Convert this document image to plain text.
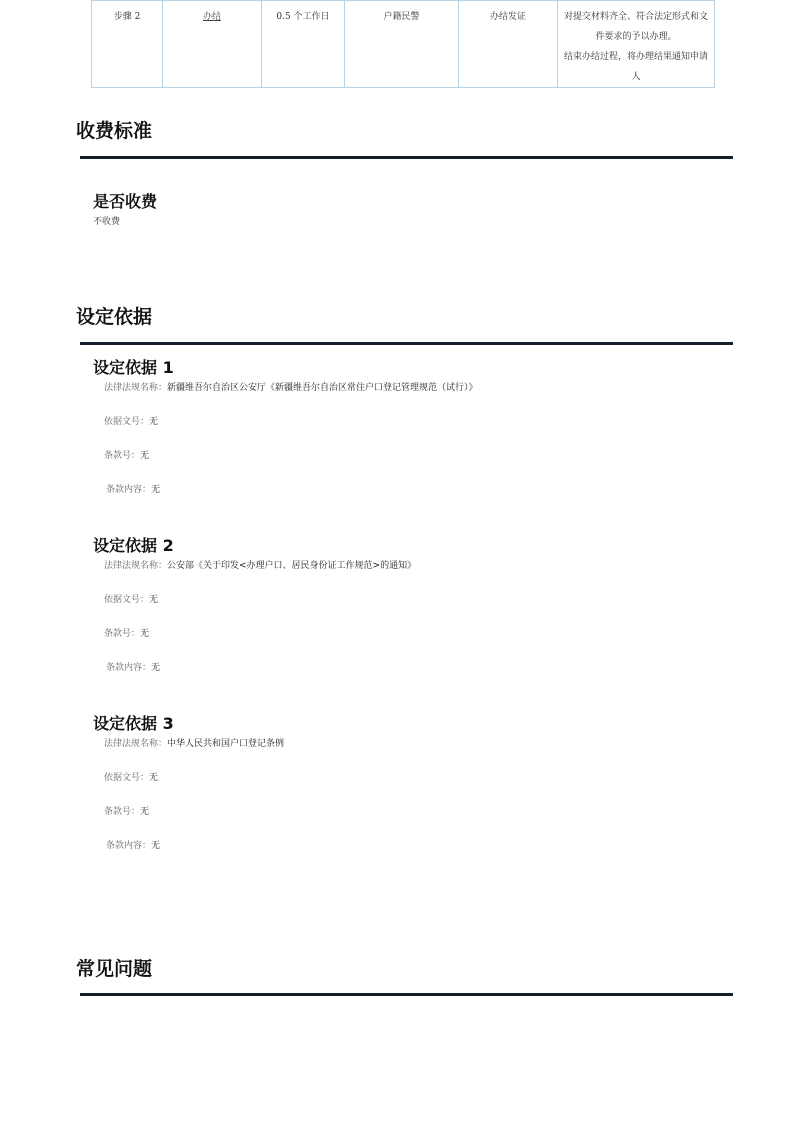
步骤 2	办结	0.5 个工作日	户籍民警	办结发证	对提交材料齐全、符合法定形式和文
件要求的予以办理。
结束办结过程，将办理结果通知申请
人
收费标准
是否收费
不收费
设定依据
设定依据 1
法律法规名称：新疆维吾尔自治区公安厅《新疆维吾尔自治区常住户口登记管理规范（试行）》
依据文号：无
条款号：无
条款内容：无
设定依据 2
法律法规名称：公安部《关于印发<办理户口、居民身份证工作规范>的通知》
依据文号：无
条款号：无
条款内容：无
设定依据 3
法律法规名称：中华人民共和国户口登记条例
依据文号：无
条款号：无
条款内容：无
常见问题
